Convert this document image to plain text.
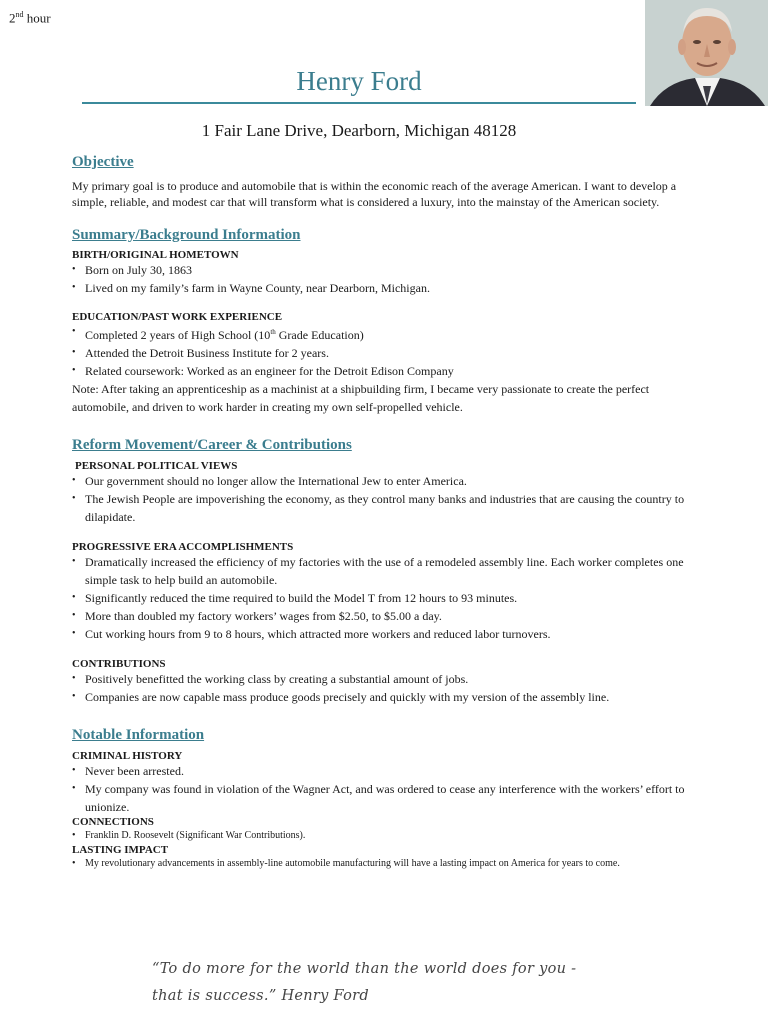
2nd hour
Henry Ford
1 Fair Lane Drive, Dearborn, Michigan 48128
Objective
My primary goal is to produce and automobile that is within the economic reach of the average American. I want to develop a simple, reliable, and modest car that will transform what is considered a luxury, into the mainstay of the American society.
Summary/Background Information
BIRTH/ORIGINAL HOMETOWN
• Born on July 30, 1863
• Lived on my family’s farm in Wayne County, near Dearborn, Michigan.
EDUCATION/PAST WORK EXPERIENCE
• Completed 2 years of High School (10th Grade Education)
• Attended the Detroit Business Institute for 2 years.
• Related coursework: Worked as an engineer for the Detroit Edison Company
Note: After taking an apprenticeship as a machinist at a shipbuilding firm, I became very passionate to create the perfect automobile, and driven to work harder in creating my own self-propelled vehicle.
Reform Movement/Career & Contributions
PERSONAL POLITICAL VIEWS
• Our government should no longer allow the International Jew to enter America.
• The Jewish People are impoverishing the economy, as they control many banks and industries that are causing the country to dilapidate.
PROGRESSIVE ERA ACCOMPLISHMENTS
• Dramatically increased the efficiency of my factories with the use of a remodeled assembly line. Each worker completes one simple task to help build an automobile.
• Significantly reduced the time required to build the Model T from 12 hours to 93 minutes.
• More than doubled my factory workers’ wages from $2.50, to $5.00 a day.
• Cut working hours from 9 to 8 hours, which attracted more workers and reduced labor turnovers.
CONTRIBUTIONS
• Positively benefitted the working class by creating a substantial amount of jobs.
• Companies are now capable mass produce goods precisely and quickly with my version of the assembly line.
Notable Information
CRIMINAL HISTORY
• Never been arrested.
• My company was found in violation of the Wagner Act, and was ordered to cease any interference with the workers’ effort to unionize.
CONNECTIONS
• Franklin D. Roosevelt (Significant War Contributions).
LASTING IMPACT
• My revolutionary advancements in assembly-line automobile manufacturing will have a lasting impact on America for years to come.
“To do more for the world than the world does for you - that is success.” Henry Ford
